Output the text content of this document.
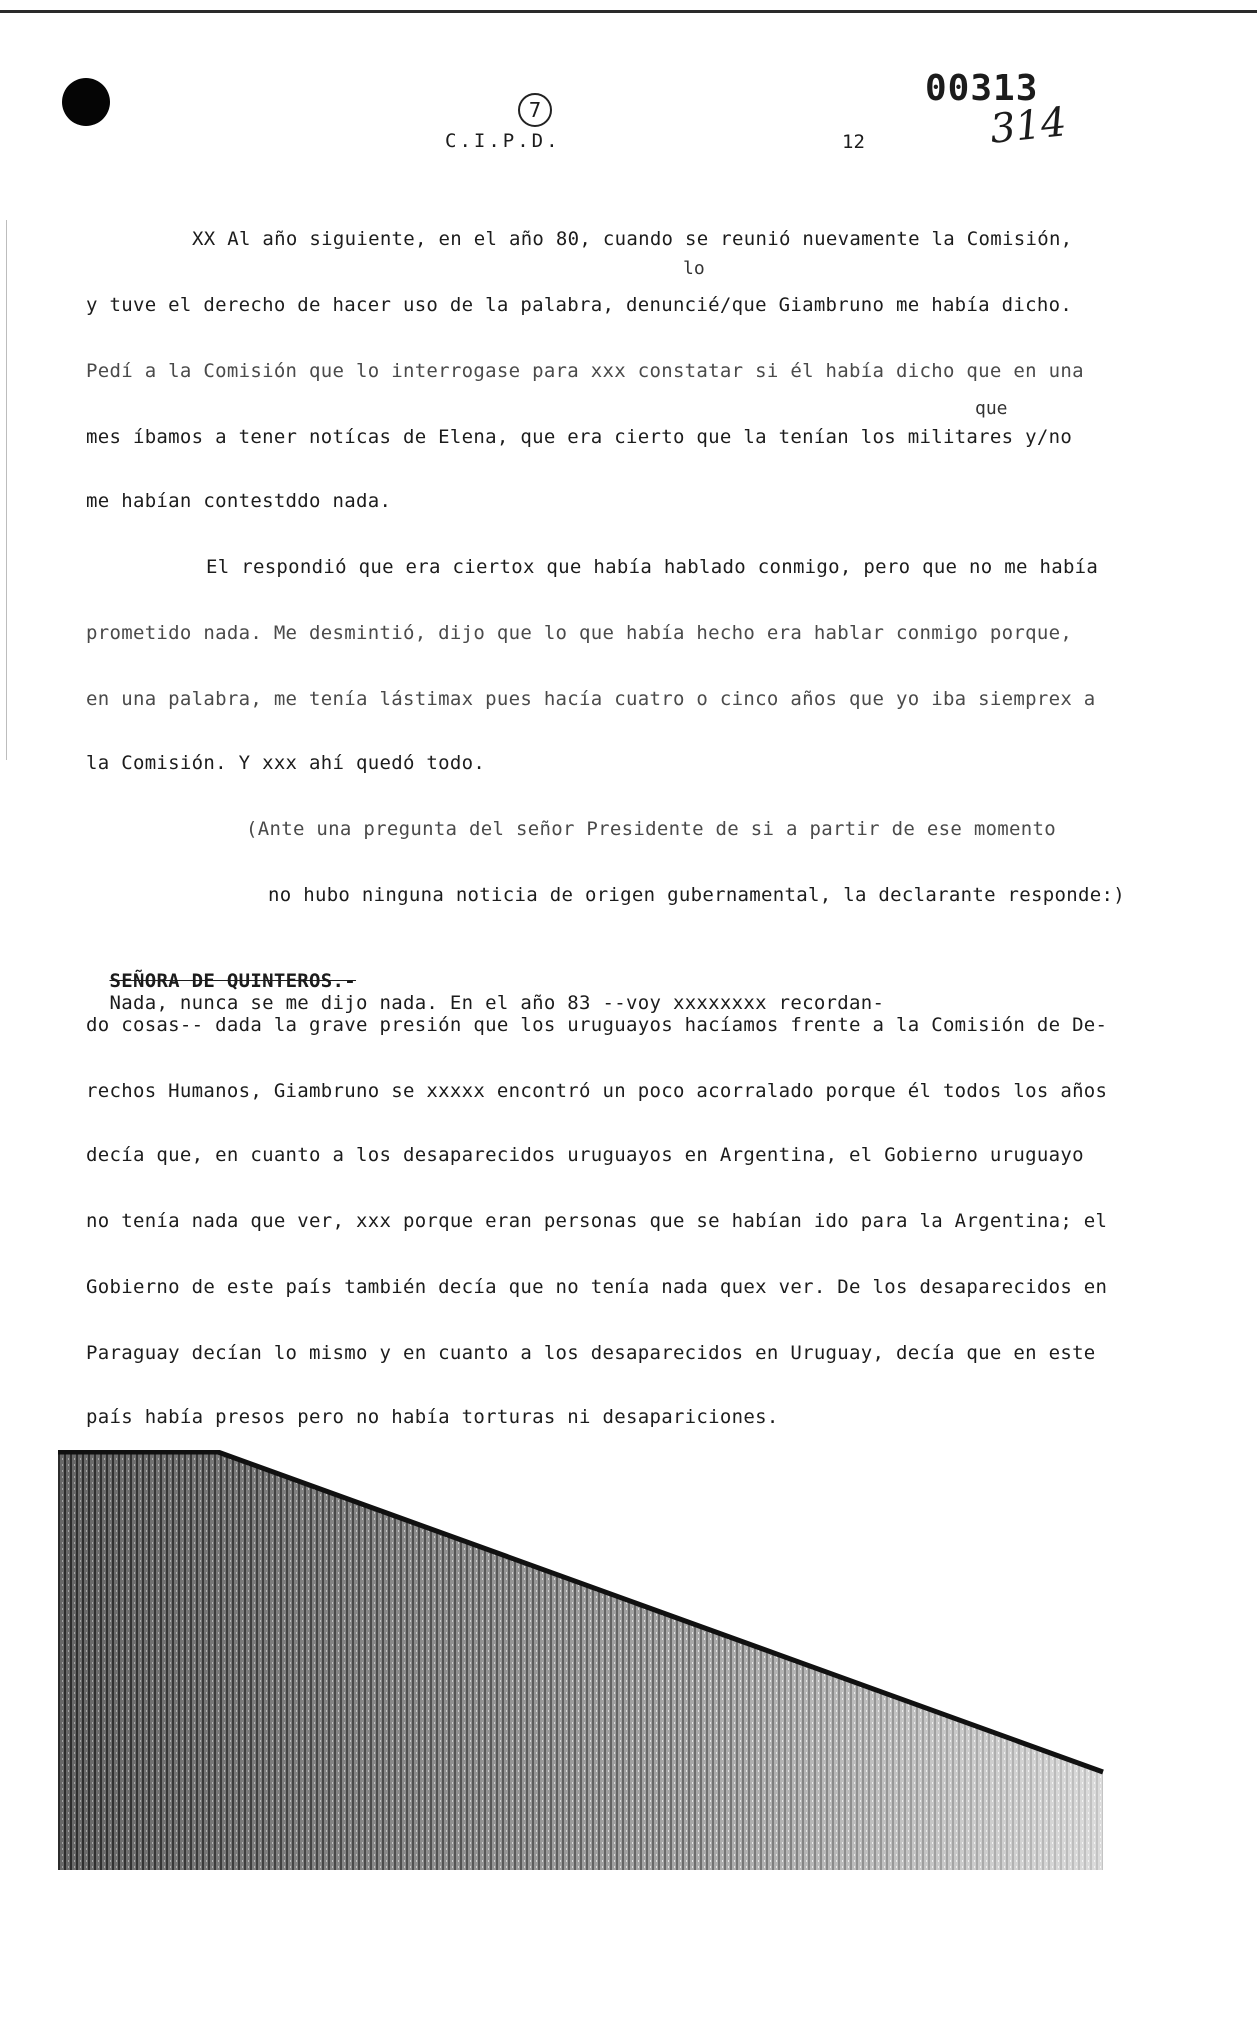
C.I.P.D.
7
12
00313
314
XX Al año siguiente, en el año 80, cuando se reunió nuevamente la Comisión,
lo
y tuve el derecho de hacer uso de la palabra, denuncié/que Giambruno me había dicho.
Pedí a la Comisión que lo interrogase para xxx constatar si él había dicho que en una
que
mes íbamos a tener notícas de Elena, que era cierto que la tenían los militares y/no
me habían contestddo nada.
El respondió que era ciertox que había hablado conmigo, pero que no me había
prometido nada. Me desmintió, dijo que lo que había hecho era hablar conmigo porque,
en una palabra, me tenía lástimax pues hacía cuatro o cinco años que yo iba siemprex a
la Comisión. Y xxx ahí quedó todo.
(Ante una pregunta del señor Presidente de si a partir de ese momento
no hubo ninguna noticia de origen gubernamental, la declarante responde:)

SEÑORA DE QUINTEROS.-
Nada, nunca se me dijo nada. En el año 83 --voy xxxxxxxx recordan-

do cosas-- dada la grave presión que los uruguayos hacíamos frente a la Comisión de De-
rechos Humanos, Giambruno se xxxxx encontró un poco acorralado porque él todos los años
decía que, en cuanto a los desaparecidos uruguayos en Argentina, el Gobierno uruguayo
no tenía nada que ver, xxx porque eran personas que se habían ido para la Argentina; el
Gobierno de este país también decía que no tenía nada quex ver. De los desaparecidos en
Paraguay decían lo mismo y en cuanto a los desaparecidos en Uruguay, decía que en este
país había presos pero no había torturas ni desapariciones.
